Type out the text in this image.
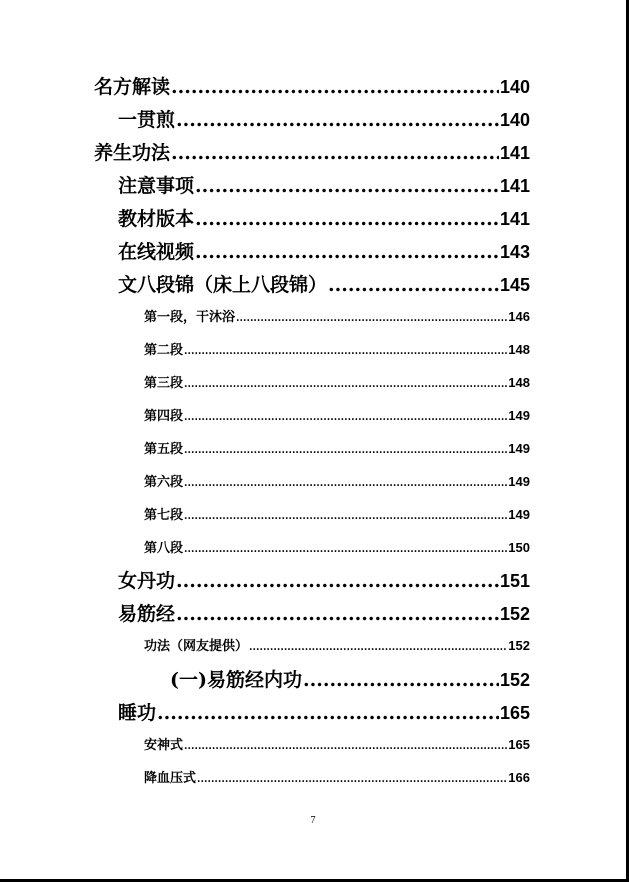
名方解读 .....	140
一贯煎 .....	140
养生功法 .....	141
注意事项 .....	141
教材版本 .....	141
在线视频 .....	143
文八段锦（床上八段锦） .....	145
第一段，干沐浴 .....	146
第二段 .....	148
第三段 .....	148
第四段 .....	149
第五段 .....	149
第六段 .....	149
第七段 .....	149
第八段 .....	150
女丹功 .....	151
易筋经 .....	152
功法（网友提供） .....	152
(一)易筋经内功 .....	152
睡功 .....	165
安神式 .....	165
降血压式 .....	166
7
